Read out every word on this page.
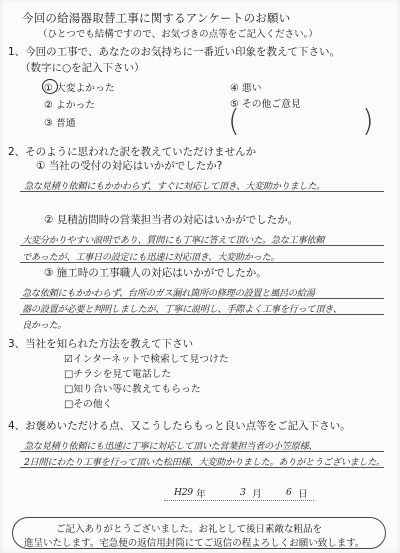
今回の給湯器取替工事に関するアンケートのお願い
（ひとつでも結構ですので、お気づきの点等をご記入ください。）
1、今回の工事で、あなたのお気持ちに一番近い印象を教えて下さい。
（数字に○を記入下さい）
① 大変よかった
② よかった
③ 普通
④ 悪い
⑤ その他ご意見
(	)
2、そのように思われた訳を教えていただけませんか
① 当社の受付の対応はいかがでしたか?
急な見積り依頼にもかかわらず、すぐに対応して頂き、大変助かりました。
② 見積訪問時の営業担当者の対応はいかがでしたか。
大変分かりやすい説明であり、質問にも丁寧に答えて頂いた。急な工事依頼
であったが、工事日の設定にも迅速に対応頂き、大変助かった。
③ 施工時の工事職人の対応はいかがでしたか。
急な依頼にもかかわらず、台所のガス漏れ箇所の修理の設置と風呂の給湯
器の設置が必要と判明しましたが、丁寧に説明し、手際よく工事を行って頂き、
良かった。
3、当社を知られた方法を教えて下さい
☑インターネットで検索して見つけた
□チラシを見て電話した
□知り合い等に教えてもらった
□その他く
4、お褒めいただける点、又こうしたらもっと良い点等をご記入下さい。
急な見積り依頼にも迅速に丁寧に対応して頂いた営業担当者の小笠原様、
2日間にわたり工事を行って頂いた松田様、大変助かりました。ありがとうございました。
H29 年	3 月	6 日
ご記入ありがとうございました。お礼として後日素敵な粗品を
進呈いたします。宅急便の返信用封筒にてご返信の程よろしくお願い致します。
